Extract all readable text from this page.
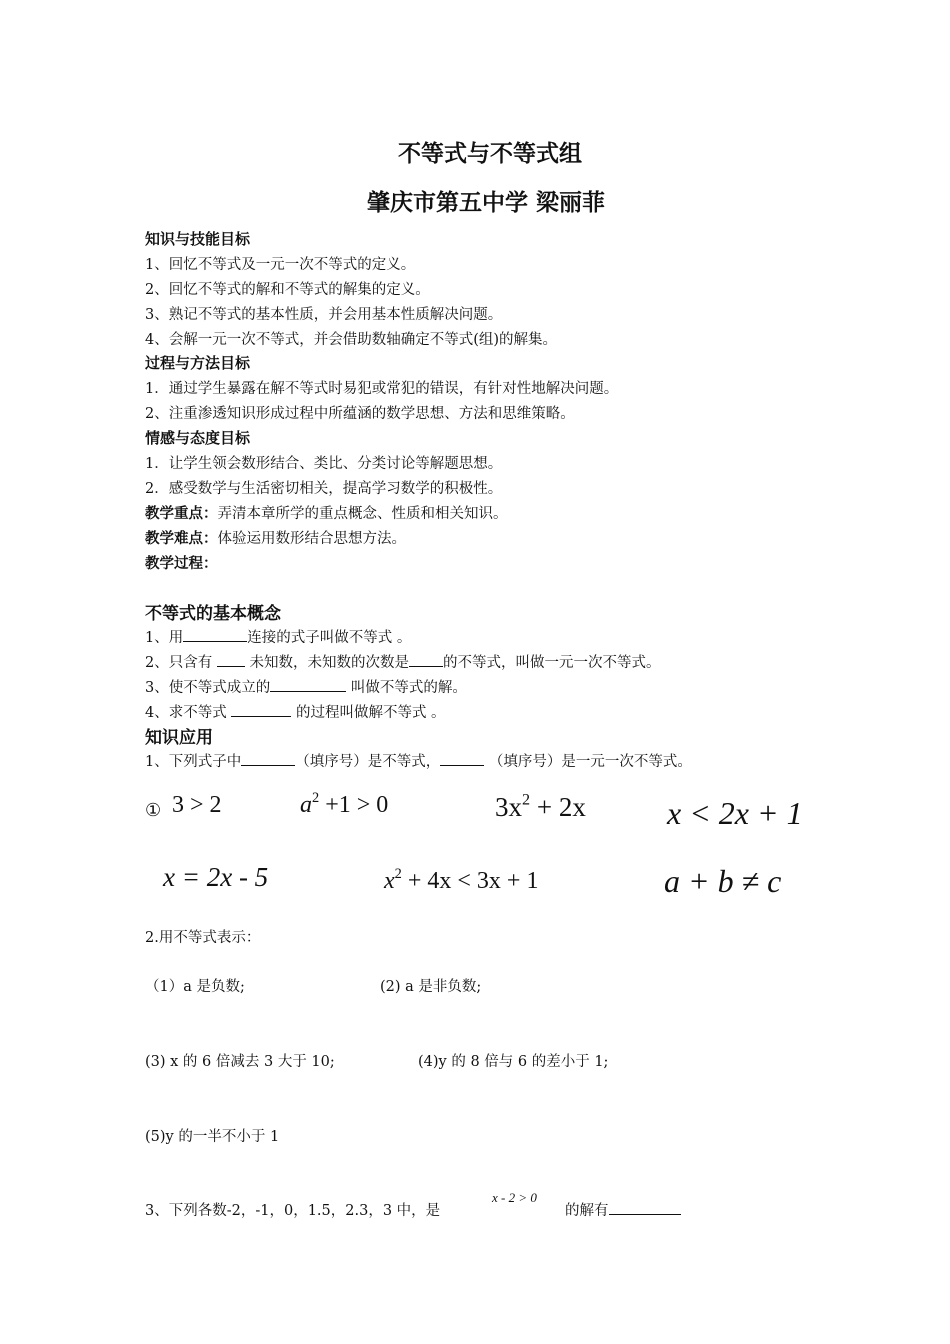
不等式与不等式组
肇庆市第五中学 梁丽菲
知识与技能目标
1、回忆不等式及一元一次不等式的定义。
2、回忆不等式的解和不等式的解集的定义。
3、熟记不等式的基本性质，并会用基本性质解决问题。
4、会解一元一次不等式，并会借助数轴确定不等式(组)的解集。
过程与方法目标
1．通过学生暴露在解不等式时易犯或常犯的错误，有针对性地解决问题。
2、注重渗透知识形成过程中所蕴涵的数学思想、方法和思维策略。
情感与态度目标
1．让学生领会数形结合、类比、分类讨论等解题思想。
2．感受数学与生活密切相关，提高学习数学的积极性。
教学重点：弄清本章所学的重点概念、性质和相关知识。
教学难点：体验运用数形结合思想方法。
教学过程：
不等式的基本概念
1、用	连接的式子叫做不等式 。
2、只含有  未知数，未知数的次数是 的不等式，叫做一元一次不等式。
3、使不等式成立的	叫做不等式的解。
4、求不等式	的过程叫做解不等式 。
知识应用
1、下列式子中	（填序号）是不等式，	（填序号）是一元一次不等式。
① 3 > 2	$a^2 +1 > 0$	$3x^2 + 2x$	x < 2x + 1
x = 2x - 5	$x^2 + 4x < 3x + 1$	a + b ≠ c
2.用不等式表示：
（1）a 是负数;	(2) a 是非负数;
(3) x 的 6 倍减去 3 大于 10;	(4)y 的 8 倍与 6 的差小于 1;
(5)y 的一半不小于 1
3、下列各数-2，-1，0，1.5，2.3，3 中，是
x - 2 > 0
的解有
